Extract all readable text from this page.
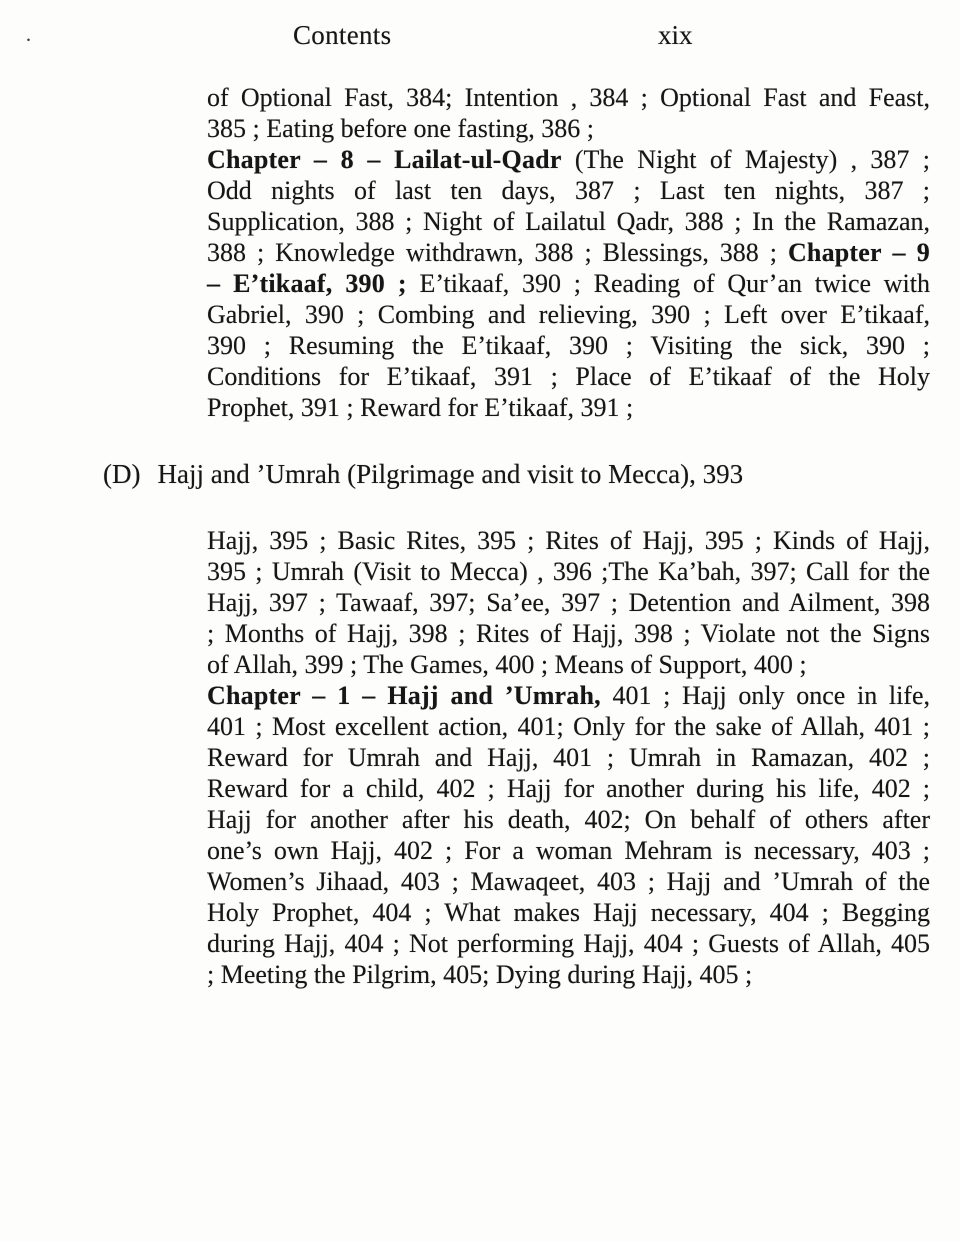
.	Contents	xix
of Optional Fast, 384; Intention , 384 ; Optional Fast and Feast,
385 ; Eating before one fasting, 386 ;
Chapter – 8 – Lailat-ul-Qadr (The Night of Majesty) , 387 ;
Odd nights of last ten days, 387 ; Last ten nights, 387 ;
Supplication, 388 ; Night of Lailatul Qadr, 388 ; In the Ramazan,
388 ; Knowledge withdrawn, 388 ; Blessings, 388 ; Chapter – 9
– E’tikaaf, 390 ; E’tikaaf, 390 ; Reading of Qur’an twice with
Gabriel, 390 ; Combing and relieving, 390 ; Left over E’tikaaf,
390 ; Resuming the E’tikaaf, 390 ; Visiting the sick, 390 ;
Conditions for E’tikaaf, 391 ; Place of E’tikaaf of the Holy
Prophet, 391 ; Reward for E’tikaaf, 391 ;
(D) Hajj and ’Umrah (Pilgrimage and visit to Mecca), 393
Hajj, 395 ; Basic Rites, 395 ; Rites of Hajj, 395 ; Kinds of Hajj,
395 ; Umrah (Visit to Mecca) , 396 ;The Ka’bah, 397; Call for the
Hajj, 397 ; Tawaaf, 397; Sa’ee, 397 ; Detention and Ailment, 398
; Months of Hajj, 398 ; Rites of Hajj, 398 ; Violate not the Signs
of Allah, 399 ; The Games, 400 ; Means of Support, 400 ;
Chapter – 1 – Hajj and ’Umrah, 401 ; Hajj only once in life,
401 ; Most excellent action, 401; Only for the sake of Allah, 401 ;
Reward for Umrah and Hajj, 401 ; Umrah in Ramazan, 402 ;
Reward for a child, 402 ; Hajj for another during his life, 402 ;
Hajj for another after his death, 402; On behalf of others after
one’s own Hajj, 402 ; For a woman Mehram is necessary, 403 ;
Women’s Jihaad, 403 ; Mawaqeet, 403 ; Hajj and ’Umrah of the
Holy Prophet, 404 ; What makes Hajj necessary, 404 ; Begging
during Hajj, 404 ; Not performing Hajj, 404 ; Guests of Allah, 405
; Meeting the Pilgrim, 405; Dying during Hajj, 405 ;
